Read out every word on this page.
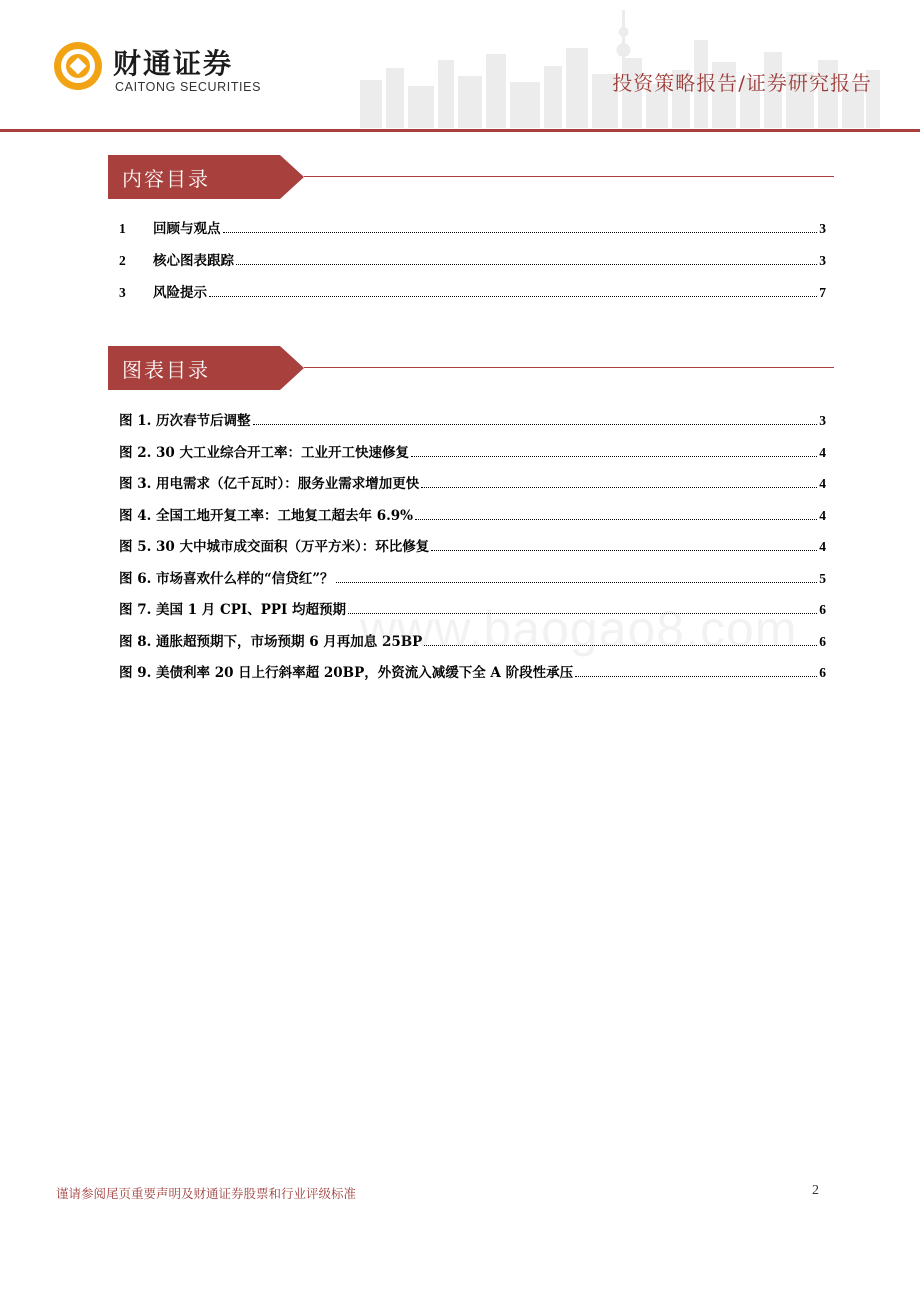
财通证券
CAITONG SECURITIES	投资策略报告/证券研究报告
内容目录
1	回顾与观点	3
2	核心图表跟踪	3
3	风险提示	7
图表目录
图 1. 历次春节后调整	3
图 2. 30 大工业综合开工率：工业开工快速修复	4
图 3. 用电需求（亿千瓦时）：服务业需求增加更快	4
图 4. 全国工地开复工率：工地复工超去年 6.9%	4
图 5. 30 大中城市成交面积（万平方米）：环比修复	4
图 6. 市场喜欢什么样的“信贷红”？	5
图 7. 美国 1 月 CPI、PPI 均超预期	6
图 8. 通胀超预期下，市场预期 6 月再加息 25BP	6
图 9. 美债利率 20 日上行斜率超 20BP，外资流入减缓下全 A 阶段性承压	6
www.baogao8.com
谨请参阅尾页重要声明及财通证券股票和行业评级标准	2
